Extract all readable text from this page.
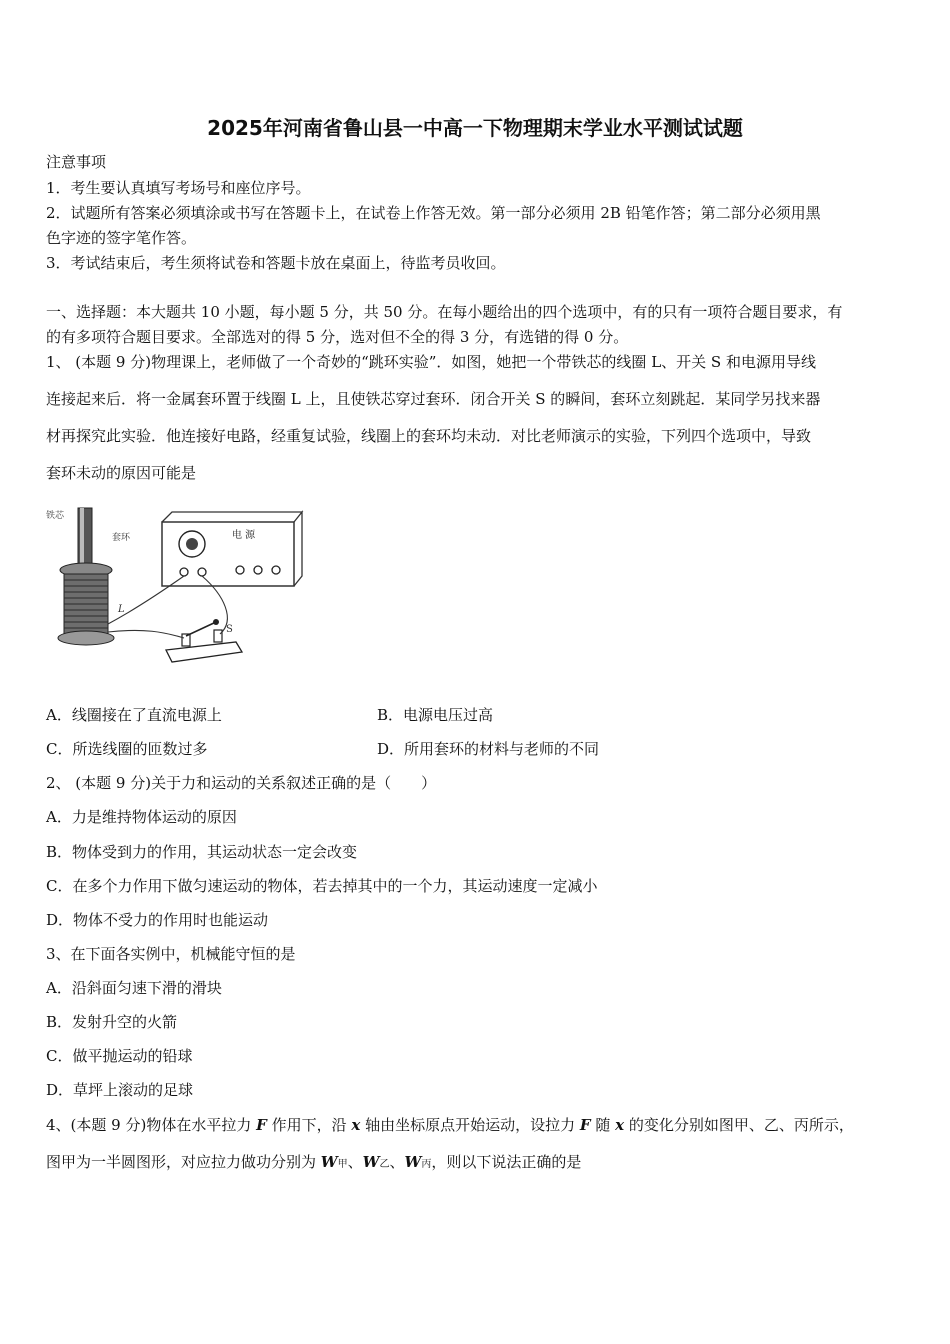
2025年河南省鲁山县一中高一下物理期末学业水平测试试题
注意事项
1．考生要认真填写考场号和座位序号。
2．试题所有答案必须填涂或书写在答题卡上，在试卷上作答无效。第一部分必须用 2B 铅笔作答；第二部分必须用黑
色字迹的签字笔作答。
3．考试结束后，考生须将试卷和答题卡放在桌面上，待监考员收回。
一、选择题：本大题共 10 小题，每小题 5 分，共 50 分。在每小题给出的四个选项中，有的只有一项符合题目要求，有
的有多项符合题目要求。全部选对的得 5 分，选对但不全的得 3 分，有选错的得 0 分。
1、 (本题 9 分)物理课上，老师做了一个奇妙的“跳环实验”．如图，她把一个带铁芯的线圈 L、开关 S 和电源用导线
连接起来后．将一金属套环置于线圈 L 上，且使铁芯穿过套环．闭合开关 S 的瞬间，套环立刻跳起．某同学另找来器
材再探究此实验．他连接好电路，经重复试验，线圈上的套环均未动．对比老师演示的实验，下列四个选项中，导致
套环未动的原因可能是
电 源
铁芯
套环
L
S
A．线圈接在了直流电源上	B．电源电压过高
C．所选线圈的匝数过多	D．所用套环的材料与老师的不同
2、 (本题 9 分)关于力和运动的关系叙述正确的是（　　）
A．力是维持物体运动的原因
B．物体受到力的作用，其运动状态一定会改变
C．在多个力作用下做匀速运动的物体，若去掉其中的一个力，其运动速度一定减小
D．物体不受力的作用时也能运动
3、在下面各实例中，机械能守恒的是
A．沿斜面匀速下滑的滑块
B．发射升空的火箭
C．做平抛运动的铅球
D．草坪上滚动的足球
4、(本题 9 分)物体在水平拉力 F 作用下，沿 x 轴由坐标原点开始运动，设拉力 F 随 x 的变化分别如图甲、乙、丙所示，
图甲为一半圆图形，对应拉力做功分别为 W甲、W乙、W丙，则以下说法正确的是
